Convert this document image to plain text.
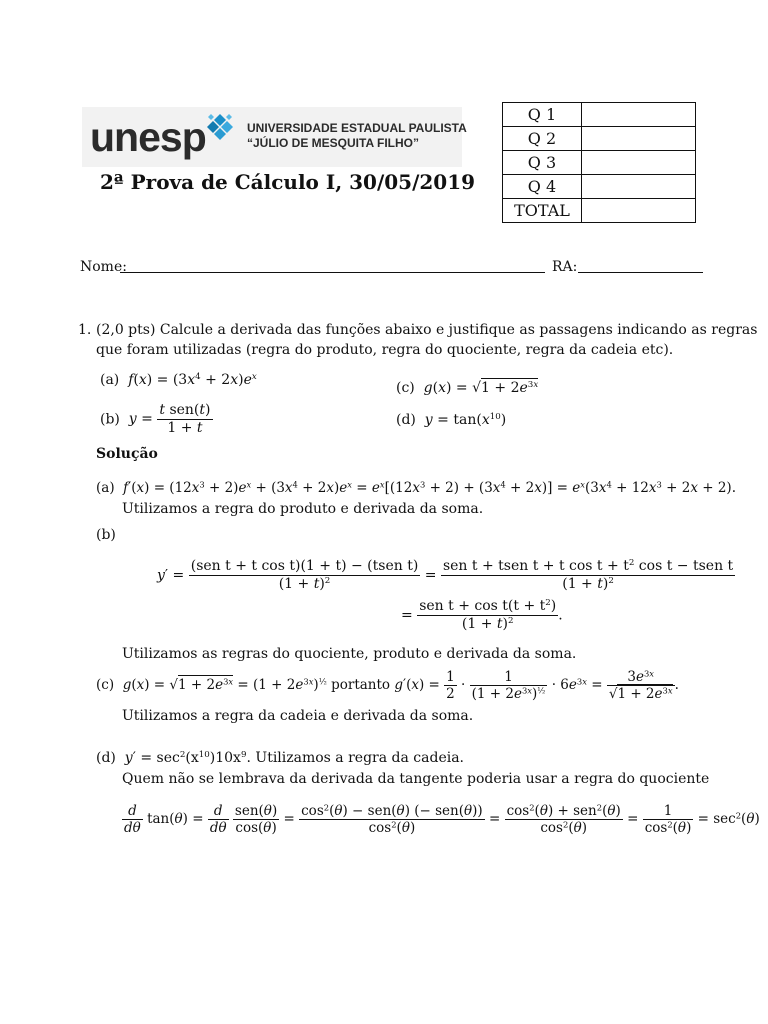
unesp	UNIVERSIDADE ESTADUAL PAULISTA
“JÚLIO DE MESQUITA FILHO”
2ª Prova de Cálculo I, 30/05/2019
Q 1	
Q 2	
Q 3	
Q 4	
TOTAL	
Nome:	RA:
1. (2,0 pts) Calcule a derivada das funções abaixo e justifique as passagens indicando as regras
que foram utilizadas (regra do produto, regra do quociente, regra da cadeia etc).
(a) $f(x) = (3x^4 + 2x)e^x$
(c) $g(x) = √1 + 2e^{3x}$
(b) $y = \frac{\text{t sen(t)}}{1 + t}$	(d) $y = \tan(x^{10})$
Solução
(a)  $f'(x) = (12x^3 + 2)e^x + (3x^4 + 2x)e^x = e^x[(12x^3 + 2) + (3x^4 + 2x)] = e^x(3x^4 + 12x^3 + 2x + 2)$.
Utilizamos a regra do produto e derivada da soma.
(b)
$y' = \frac{\text{(sen t + t cos t)(1 + t) − (tsen t)}}{(1 + t)^2} = \frac{sen t + tsen t + t \cos t + t^2 \cos t - tsen t}{(1 + t)^2}$
= $\frac{sen t + \cos t(t + t^2)}{(1 + t)^2}$ .
Utilizamos as regras do quociente, produto e derivada da soma.
(c)  $g(x) = √1 + 2e^{3x} = (1 + 2e^{3x})^{\frac{1}{2}}$ portanto $g'(x) = \frac{1}{2} \cdot \frac{1}{(1 + 2e^{3x})^{\frac{1}{2}}} \cdot 6e^{3x} = \frac{3e^{3x}}{√1 + 2e^{3x}}$ .
Utilizamos a regra da cadeia e derivada da soma.
(d)  $y' = \sec^2(x^{10})10x^9$. Utilizamos a regra da cadeia.
Quem não se lembrava da derivada da tangente poderia usar a regra do quociente
$\frac{d}{d\theta} \tan(\theta) = \frac{d}{d\theta}$
$\frac{\text{sen(θ)}}{\cos(\theta)} = \frac{\cos^2(\theta) - sen(\theta) (- sen(\theta))}{\cos^2(\theta)} = \frac{\cos^2(\theta) + sen^2(\theta)}{\cos^2(\theta)} = \frac{1}{\cos^2(\theta)} = \sec^2(\theta)$
